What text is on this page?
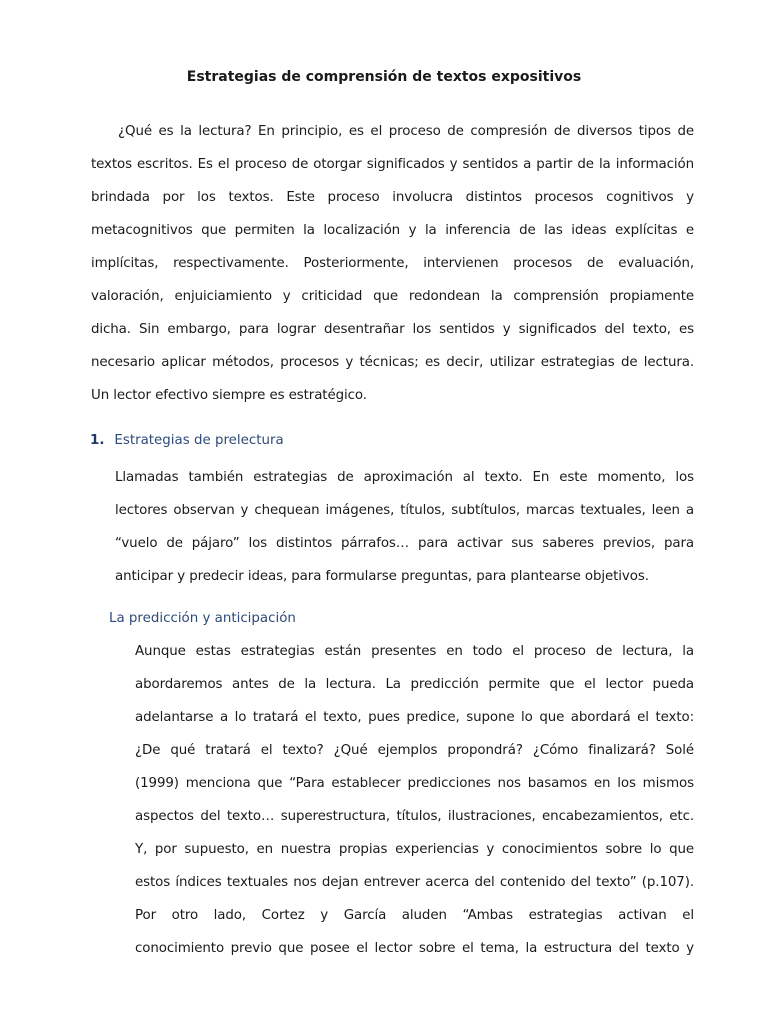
Estrategias de comprensión de textos expositivos
¿Qué es la lectura? En principio, es el proceso de compresión de diversos tipos de
textos escritos. Es el proceso de otorgar significados y sentidos a partir de la información
brindada por los textos. Este proceso involucra distintos procesos cognitivos y
metacognitivos que permiten la localización y la inferencia de las ideas explícitas e
implícitas, respectivamente. Posteriormente, intervienen procesos de evaluación,
valoración, enjuiciamiento y criticidad que redondean la comprensión propiamente
dicha. Sin embargo, para lograr desentrañar los sentidos y significados del texto, es
necesario aplicar métodos, procesos y técnicas; es decir, utilizar estrategias de lectura.
Un lector efectivo siempre es estratégico.
1. Estrategias de prelectura
Llamadas también estrategias de aproximación al texto. En este momento, los
lectores observan y chequean imágenes, títulos, subtítulos, marcas textuales, leen a
“vuelo de pájaro” los distintos párrafos… para activar sus saberes previos, para
anticipar y predecir ideas, para formularse preguntas, para plantearse objetivos.
La predicción y anticipación
Aunque estas estrategias están presentes en todo el proceso de lectura, la
abordaremos antes de la lectura. La predicción permite que el lector pueda
adelantarse a lo tratará el texto, pues predice, supone lo que abordará el texto:
¿De qué tratará el texto? ¿Qué ejemplos propondrá? ¿Cómo finalizará? Solé
(1999) menciona que “Para establecer predicciones nos basamos en los mismos
aspectos del texto… superestructura, títulos, ilustraciones, encabezamientos, etc.
Y, por supuesto, en nuestra propias experiencias y conocimientos sobre lo que
estos índices textuales nos dejan entrever acerca del contenido del texto” (p.107).
Por otro lado, Cortez y García aluden “Ambas estrategias activan el
conocimiento previo que posee el lector sobre el tema, la estructura del texto y
